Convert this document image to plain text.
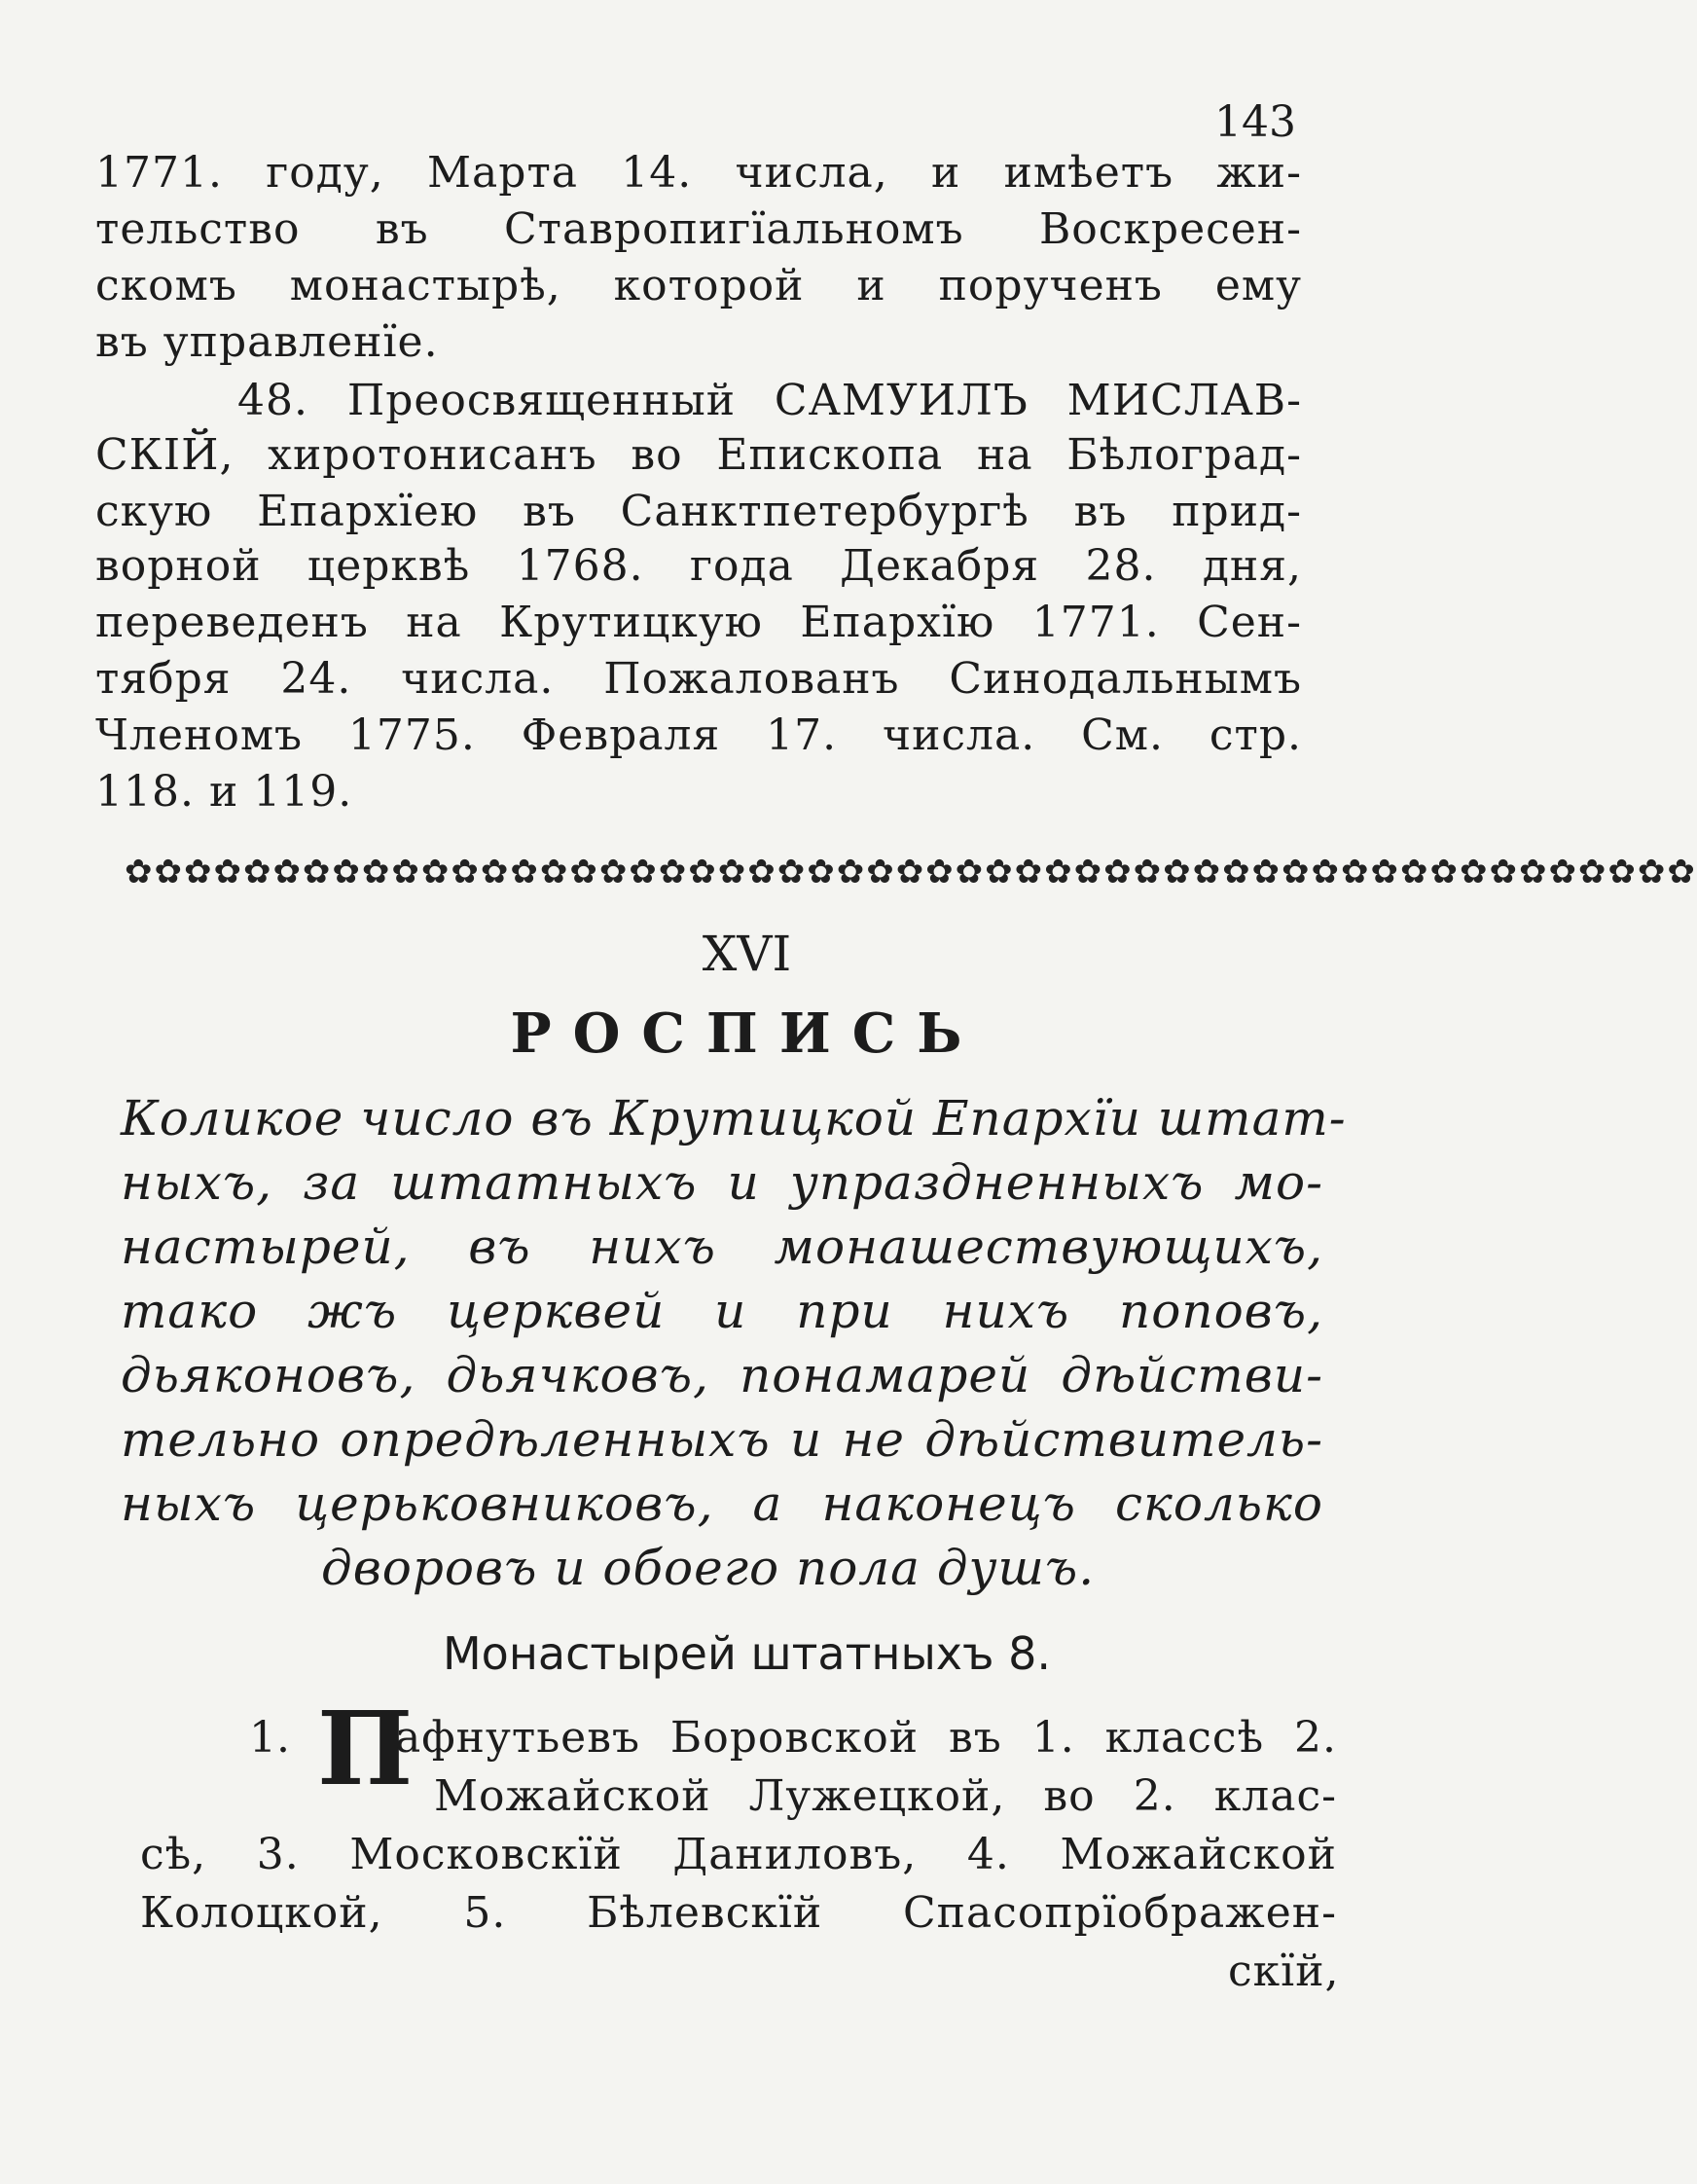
143
1771. году, Марта 14. числа, и имѣетъ жи-
тельство въ Ставропигïальномъ Воскресен-
скомъ монастырѣ, которой и порученъ ему
въ управленïе.
48. Преосвященный САМУИЛЪ МИСЛАВ-
СКІЙ, хиротонисанъ во Епископа на Бѣлоград-
скую Епархïею въ Санктпетербургѣ въ прид-
ворной церквѣ 1768. года Декабря 28. дня,
переведенъ на Крутицкую Епархïю 1771. Сен-
тября 24. числа. Пожалованъ Синодальнымъ
Членомъ 1775. Февраля 17. числа. См. стр.
118. и 119.
✿✿✿✿✿✿✿✿✿✿✿✿✿✿✿✿✿✿✿✿✿✿✿✿✿✿✿✿✿✿✿✿✿✿✿✿✿✿✿✿✿✿✿✿✿✿✿✿✿✿✿✿✿
XVI
РОСПИСЬ
Коликое число въ Крутицкой Епархïи штат-
ныхъ, за штатныхъ и упраздненныхъ мо-
настырей, въ нихъ монашествующихъ,
тако жъ церквей и при нихъ поповъ,
дьяконовъ, дьячковъ, понамарей дѣйстви-
тельно опредѣленныхъ и не дѣйствитель-
ныхъ церьковниковъ, а наконецъ сколько
дворовъ и обоего пола душъ.
Монастырей штатныхъ 8.
1. П
афнутьевъ Боровской въ 1. классѣ 2.
Можайской Лужецкой, во 2. клас-
сѣ, 3. Московскïй Даниловъ, 4. Можайской
Колоцкой, 5. Бѣлевскïй Спасопрïображен-
скïй,
